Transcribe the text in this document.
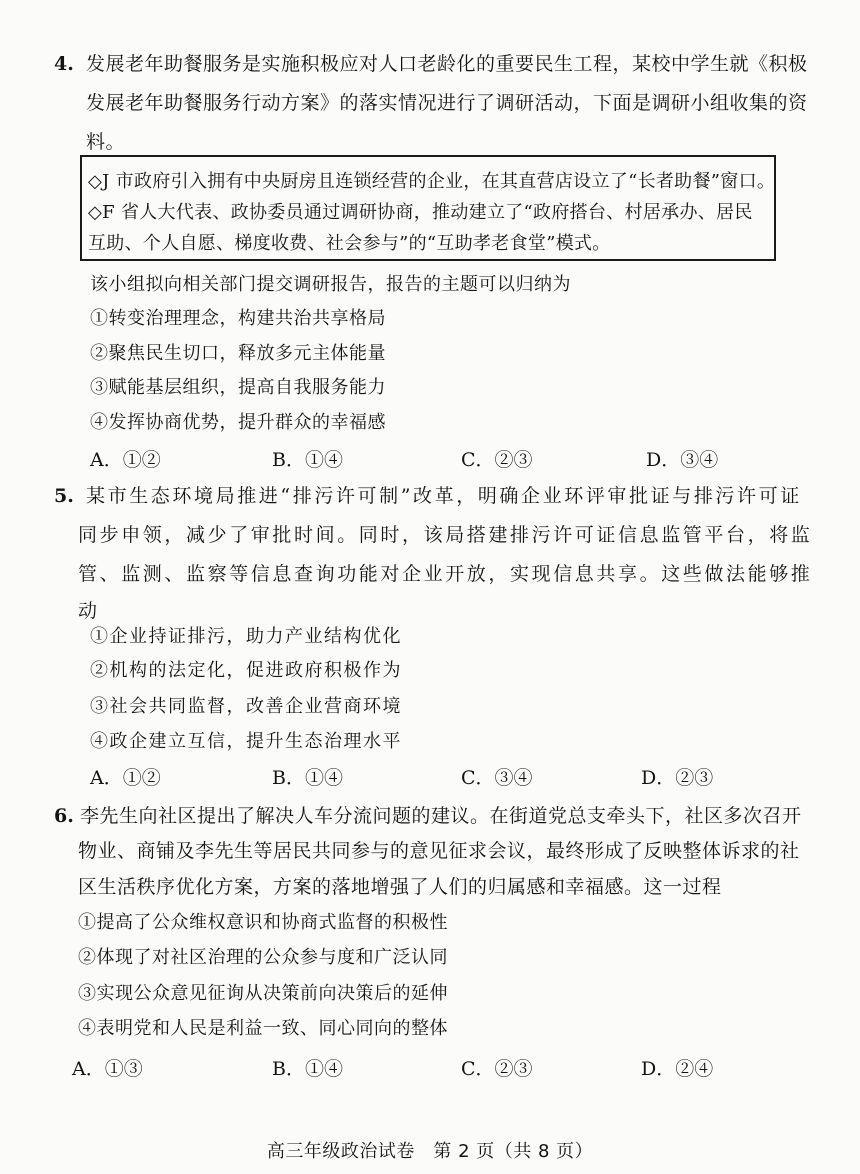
4. 发展老年助餐服务是实施积极应对人口老龄化的重要民生工程，某校中学生就《积极
发展老年助餐服务行动方案》的落实情况进行了调研活动，下面是调研小组收集的资
料。
◇J 市政府引入拥有中央厨房且连锁经营的企业，在其直营店设立了“长者助餐”窗口。
◇F 省人大代表、政协委员通过调研协商，推动建立了“政府搭台、村居承办、居民
互助、个人自愿、梯度收费、社会参与”的“互助孝老食堂”模式。
该小组拟向相关部门提交调研报告，报告的主题可以归纳为
①转变治理理念，构建共治共享格局
②聚焦民生切口，释放多元主体能量
③赋能基层组织，提高自我服务能力
④发挥协商优势，提升群众的幸福感
A．①②	B．①④	C．②③	D．③④
5. 某市生态环境局推进“排污许可制”改革，明确企业环评审批证与排污许可证
同步申领，减少了审批时间。同时，该局搭建排污许可证信息监管平台，将监
管、监测、监察等信息查询功能对企业开放，实现信息共享。这些做法能够推
动
①企业持证排污，助力产业结构优化
②机构的法定化，促进政府积极作为
③社会共同监督，改善企业营商环境
④政企建立互信，提升生态治理水平
A．①②	B．①④	C．③④	D．②③
6. 李先生向社区提出了解决人车分流问题的建议。在街道党总支牵头下，社区多次召开
物业、商铺及李先生等居民共同参与的意见征求会议，最终形成了反映整体诉求的社
区生活秩序优化方案，方案的落地增强了人们的归属感和幸福感。这一过程
①提高了公众维权意识和协商式监督的积极性
②体现了对社区治理的公众参与度和广泛认同
③实现公众意见征询从决策前向决策后的延伸
④表明党和人民是利益一致、同心同向的整体
A．①③	B．①④	C．②③	D．②④
高三年级政治试卷　第 2 页（共 8 页）
